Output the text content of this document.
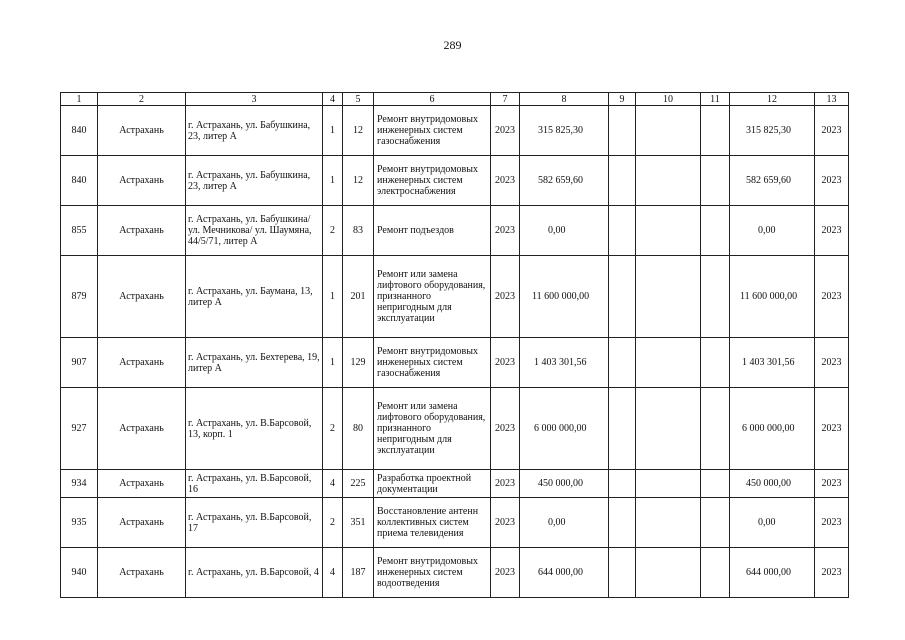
289
1	2	3	4	5	6	7	8	9	10	11	12	13
840	Астрахань	г. Астрахань, ул. Бабушкина, 23, литер А	1	12	Ремонт внутридомовых инженерных систем газоснабжения	2023	315 825,30				315 825,30	2023
840	Астрахань	г. Астрахань, ул. Бабушкина, 23, литер А	1	12	Ремонт внутридомовых инженерных систем электроснабжения	2023	582 659,60				582 659,60	2023
855	Астрахань	г. Астрахань, ул. Бабушкина/ ул. Мечникова/ ул. Шаумяна, 44/5/71, литер А	2	83	Ремонт подъездов	2023	0,00				0,00	2023
879	Астрахань	г. Астрахань, ул. Баумана, 13, литер А	1	201	Ремонт или замена лифтового оборудования, признанного непригодным для эксплуатации	2023	11 600 000,00				11 600 000,00	2023
907	Астрахань	г. Астрахань, ул. Бехтерева, 19, литер А	1	129	Ремонт внутридомовых инженерных систем газоснабжения	2023	1 403 301,56				1 403 301,56	2023
927	Астрахань	г. Астрахань, ул. В.Барсовой, 13, корп. 1	2	80	Ремонт или замена лифтового оборудования, признанного непригодным для эксплуатации	2023	6 000 000,00				6 000 000,00	2023
934	Астрахань	г. Астрахань, ул. В.Барсовой, 16	4	225	Разработка проектной документации	2023	450 000,00				450 000,00	2023
935	Астрахань	г. Астрахань, ул. В.Барсовой, 17	2	351	Восстановление антенн коллективных систем приема телевидения	2023	0,00				0,00	2023
940	Астрахань	г. Астрахань, ул. В.Барсовой, 4	4	187	Ремонт внутридомовых инженерных систем водоотведения	2023	644 000,00				644 000,00	2023
